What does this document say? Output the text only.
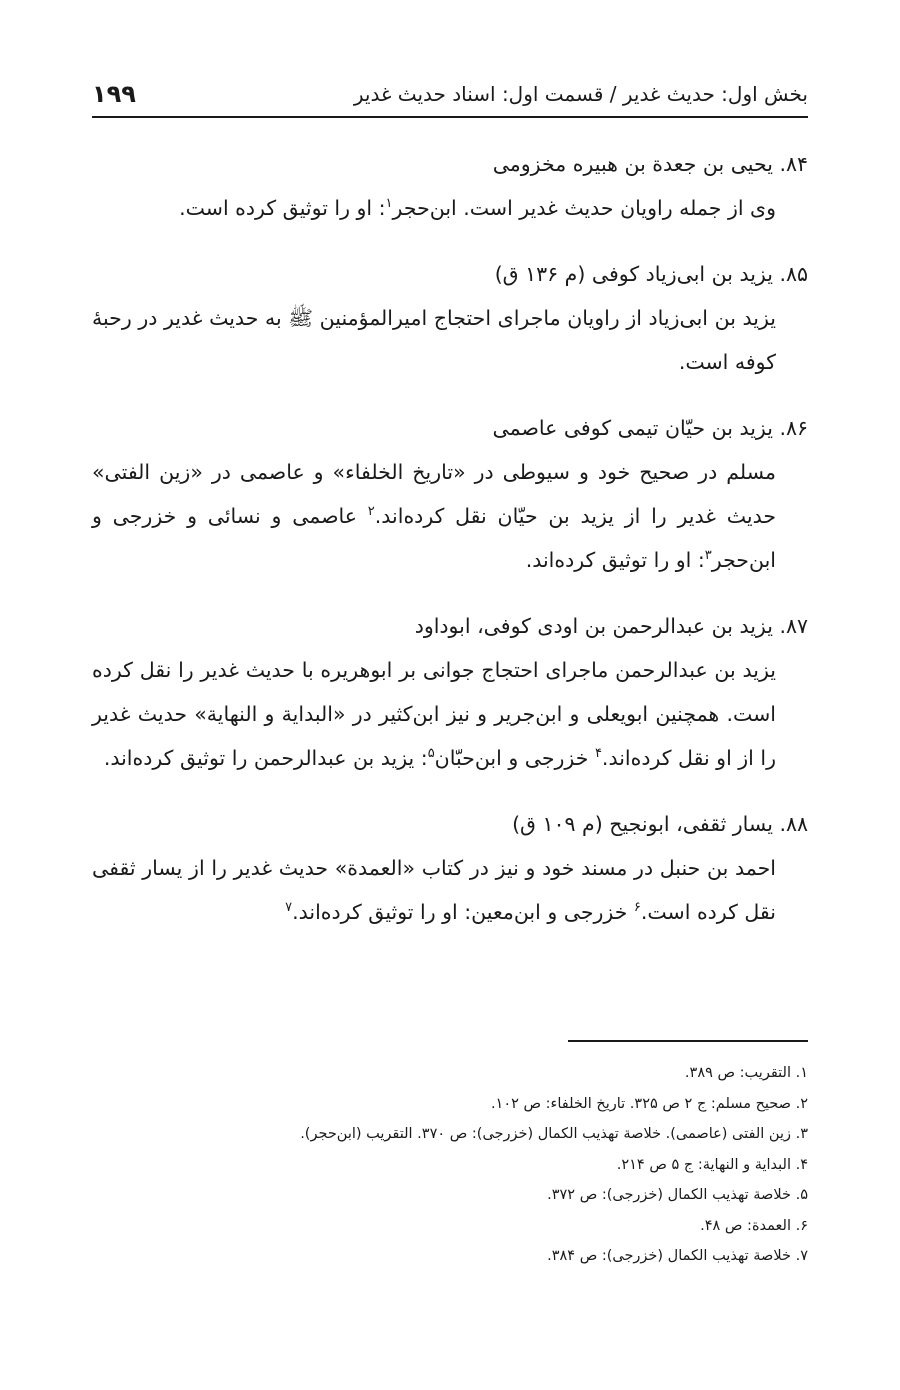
بخش اول: حدیث غدیر / قسمت اول: اسناد حدیث غدیر
۱۹۹
۸۴. یحیی بن جعدة بن هبیره مخزومی

وی از جمله راویان حدیث غدیر است. ابن‌حجر$^۱$: او را توثیق کرده است.

۸۵. یزید بن ابی‌زیاد کوفی (م ۱۳۶ ق)

یزید بن ابی‌زیاد از راویان ماجرای احتجاج امیرالمؤمنین ﷺ به حدیث غدیر در رحبهٔ کوفه است.

۸۶. یزید بن حیّان تیمی کوفی عاصمی

مسلم در صحیح خود و سیوطی در «تاریخ الخلفاء» و عاصمی در «زین الفتی» حدیث غدیر را از یزید بن حیّان نقل کرده‌اند.$^۲$ عاصمی و نسائی و خزرجی و ابن‌حجر$^۳$: او را توثیق کرده‌اند.

۸۷. یزید بن عبدالرحمن بن اودی کوفی، ابوداود

یزید بن عبدالرحمن ماجرای احتجاج جوانی بر ابوهریره با حدیث غدیر را نقل کرده است. همچنین ابویعلی و ابن‌جریر و نیز ابن‌کثیر در «البدایة و النهایة» حدیث غدیر را از او نقل کرده‌اند.$^۴$ خزرجی و ابن‌حبّان$^۵$: یزید بن عبدالرحمن را توثیق کرده‌اند.

۸۸. یسار ثقفی، ابونجیح (م ۱۰۹ ق)

احمد بن حنبل در مسند خود و نیز در کتاب «العمدة» حدیث غدیر را از یسار ثقفی نقل کرده است.$^۶$ خزرجی و ابن‌معین: او را توثیق کرده‌اند.$^۷$

۱. التقریب: ص ۳۸۹.
۲. صحیح مسلم: ج ۲ ص ۳۲۵. تاریخ الخلفاء: ص ۱۰۲.
۳. زین الفتی (عاصمی). خلاصة تهذیب الکمال (خزرجی): ص ۳۷۰. التقریب (ابن‌حجر).
۴. البدایة و النهایة: ج ۵ ص ۲۱۴.
۵. خلاصة تهذیب الکمال (خزرجی): ص ۳۷۲.
۶. العمدة: ص ۴۸.
۷. خلاصة تهذیب الکمال (خزرجی): ص ۳۸۴.
